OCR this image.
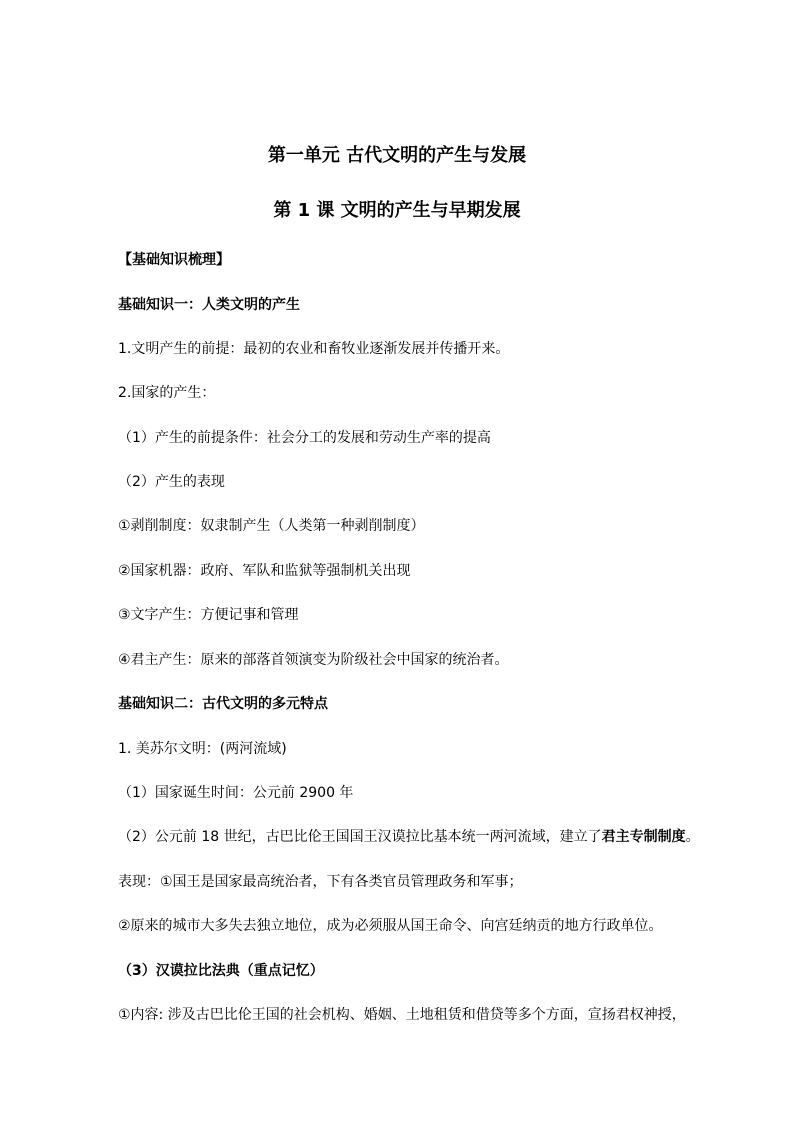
第一单元 古代文明的产生与发展
第 1 课 文明的产生与早期发展
【基础知识梳理】
基础知识一：人类文明的产生
1.文明产生的前提：最初的农业和畜牧业逐渐发展并传播开来。
2.国家的产生：
（1）产生的前提条件：社会分工的发展和劳动生产率的提高
（2）产生的表现
①剥削制度：奴隶制产生（人类第一种剥削制度）
②国家机器：政府、军队和监狱等强制机关出现
③文字产生：方便记事和管理
④君主产生：原来的部落首领演变为阶级社会中国家的统治者。
基础知识二：古代文明的多元特点
1. 美苏尔文明：(两河流域)
（1）国家诞生时间：公元前 2900 年
（2）公元前 18 世纪，古巴比伦王国国王汉谟拉比基本统一两河流域，建立了君主专制制度。
表现：①国王是国家最高统治者，下有各类官员管理政务和军事；
②原来的城市大多失去独立地位，成为必须服从国王命令、向宫廷纳贡的地方行政单位。
（3）汉谟拉比法典（重点记忆）
①内容: 涉及古巴比伦王国的社会机构、婚姻、土地租赁和借贷等多个方面，宣扬君权神授，
